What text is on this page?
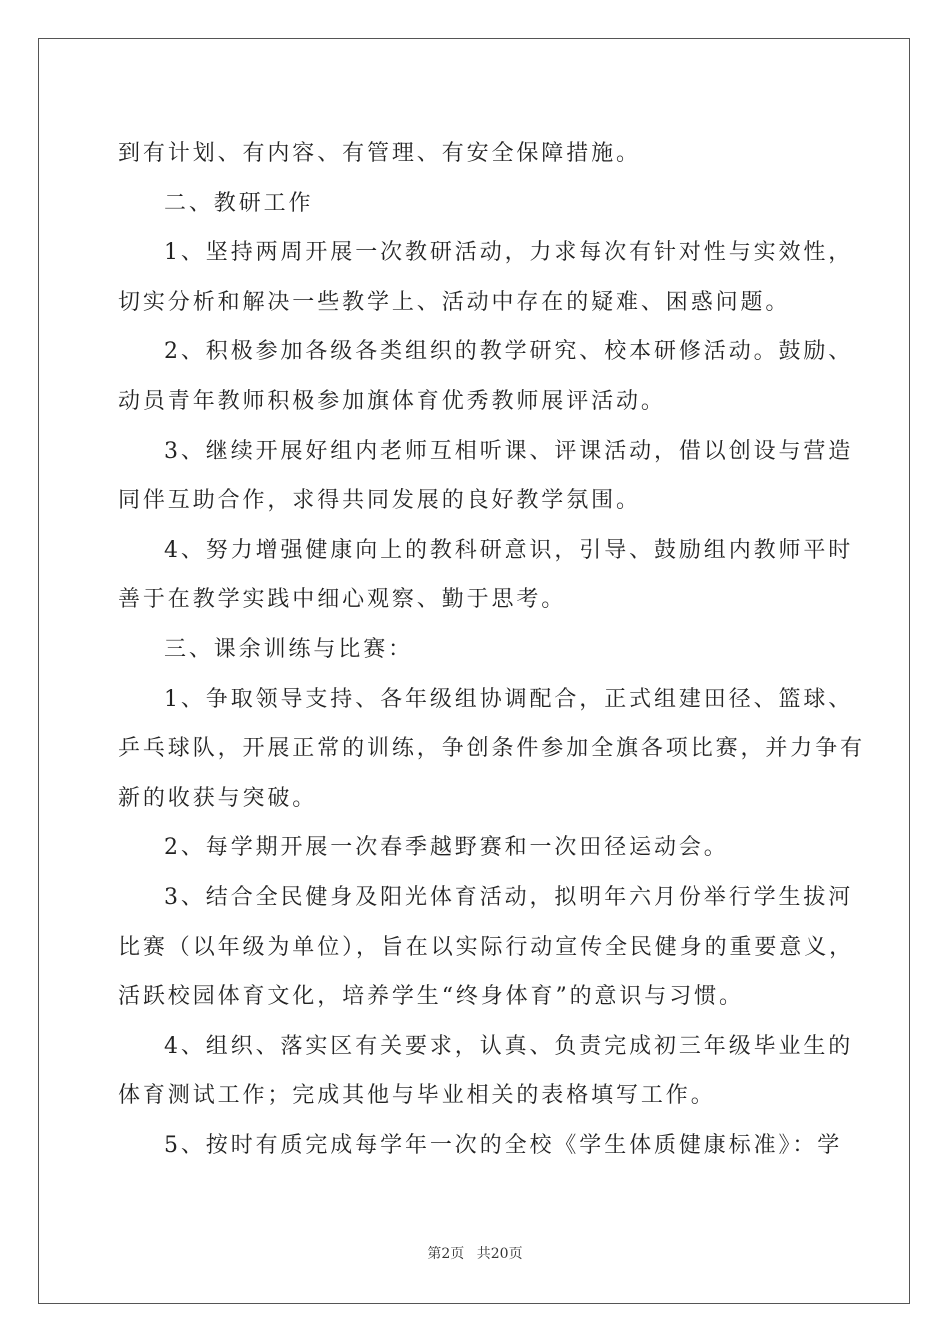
到有计划、有内容、有管理、有安全保障措施。
二、教研工作
1、坚持两周开展一次教研活动，力求每次有针对性与实效性，
切实分析和解决一些教学上、活动中存在的疑难、困惑问题。
2、积极参加各级各类组织的教学研究、校本研修活动。鼓励、
动员青年教师积极参加旗体育优秀教师展评活动。
3、继续开展好组内老师互相听课、评课活动，借以创设与营造
同伴互助合作，求得共同发展的良好教学氛围。
4、努力增强健康向上的教科研意识，引导、鼓励组内教师平时
善于在教学实践中细心观察、勤于思考。
三、课余训练与比赛：
1、争取领导支持、各年级组协调配合，正式组建田径、篮球、
乒乓球队，开展正常的训练，争创条件参加全旗各项比赛，并力争有
新的收获与突破。
2、每学期开展一次春季越野赛和一次田径运动会。
3、结合全民健身及阳光体育活动，拟明年六月份举行学生拔河
比赛（以年级为单位），旨在以实际行动宣传全民健身的重要意义，
活跃校园体育文化，培养学生“终身体育”的意识与习惯。
4、组织、落实区有关要求，认真、负责完成初三年级毕业生的
体育测试工作；完成其他与毕业相关的表格填写工作。
5、按时有质完成每学年一次的全校《学生体质健康标准》：学
第2页 共20页
